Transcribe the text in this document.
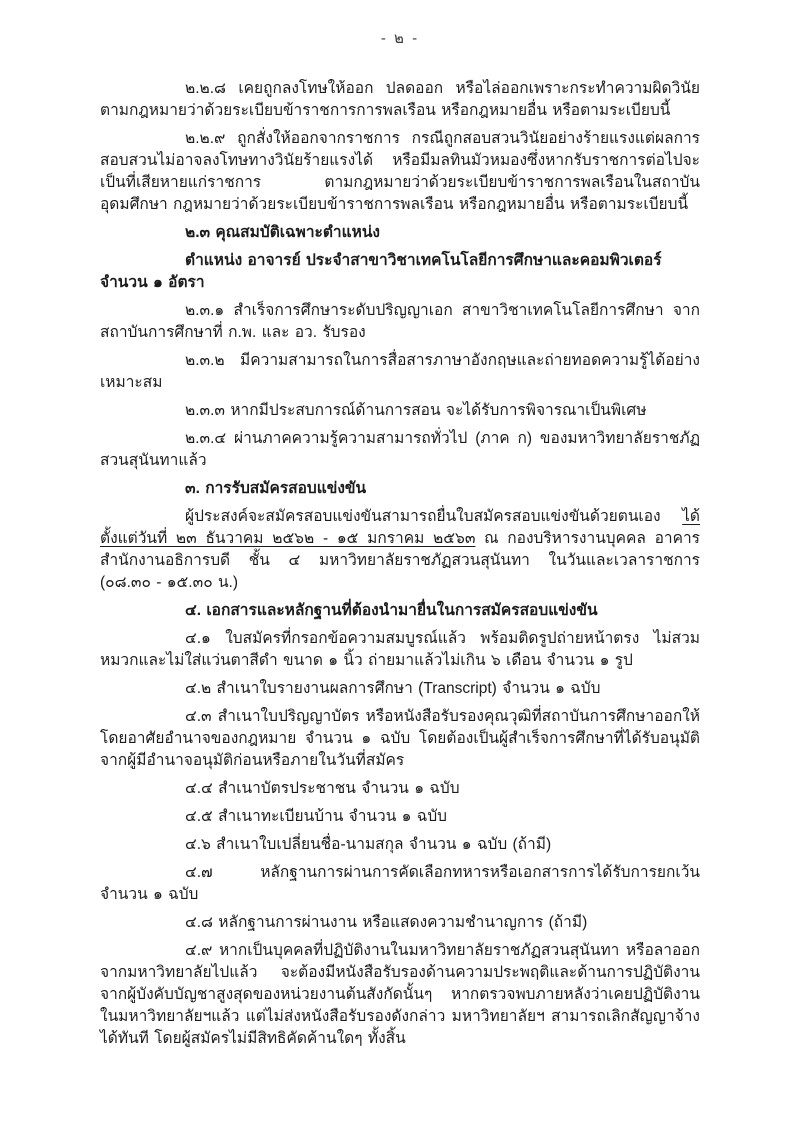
- ๒ -

๒.๒.๘ เคยถูกลงโทษให้ออก ปลดออก หรือไล่ออกเพราะกระทำความผิดวินัย ตามกฎหมายว่าด้วยระเบียบข้าราชการการพลเรือน หรือกฎหมายอื่น หรือตามระเบียบนี้

๒.๒.๙ ถูกสั่งให้ออกจากราชการ กรณีถูกสอบสวนวินัยอย่างร้ายแรงแต่ผลการสอบสวนไม่อาจลงโทษทางวินัยร้ายแรงได้ หรือมีมลทินมัวหมองซึ่งหากรับราชการต่อไปจะเป็นที่เสียหายแก่ราชการ ตามกฎหมายว่าด้วยระเบียบข้าราชการพลเรือนในสถาบันอุดมศึกษา กฎหมายว่าด้วยระเบียบข้าราชการพลเรือน หรือกฎหมายอื่น หรือตามระเบียบนี้

๒.๓ คุณสมบัติเฉพาะตำแหน่ง

ตำแหน่ง อาจารย์ ประจำสาขาวิชาเทคโนโลยีการศึกษาและคอมพิวเตอร์ จำนวน ๑ อัตรา

๒.๓.๑ สำเร็จการศึกษาระดับปริญญาเอก สาขาวิชาเทคโนโลยีการศึกษา จากสถาบันการศึกษาที่ ก.พ. และ อว. รับรอง

๒.๓.๒ มีความสามารถในการสื่อสารภาษาอังกฤษและถ่ายทอดความรู้ได้อย่างเหมาะสม

๒.๓.๓ หากมีประสบการณ์ด้านการสอน จะได้รับการพิจารณาเป็นพิเศษ

๒.๓.๔ ผ่านภาคความรู้ความสามารถทั่วไป (ภาค ก) ของมหาวิทยาลัยราชภัฏสวนสุนันทาแล้ว

๓. การรับสมัครสอบแข่งขัน

ผู้ประสงค์จะสมัครสอบแข่งขันสามารถยื่นใบสมัครสอบแข่งขันด้วยตนเอง ได้ตั้งแต่วันที่ ๒๓ ธันวาคม ๒๕๖๒ - ๑๕ มกราคม ๒๕๖๓ ณ กองบริหารงานบุคคล อาคารสำนักงานอธิการบดี ชั้น ๔ มหาวิทยาลัยราชภัฏสวนสุนันทา ในวันและเวลาราชการ (๐๘.๓๐ - ๑๕.๓๐ น.)

๔. เอกสารและหลักฐานที่ต้องนำมายื่นในการสมัครสอบแข่งขัน

๔.๑ ใบสมัครที่กรอกข้อความสมบูรณ์แล้ว พร้อมติดรูปถ่ายหน้าตรง ไม่สวมหมวกและไม่ใส่แว่นตาสีดำ ขนาด ๑ นิ้ว ถ่ายมาแล้วไม่เกิน ๖ เดือน จำนวน ๑ รูป

๔.๒ สำเนาใบรายงานผลการศึกษา (Transcript) จำนวน ๑ ฉบับ

๔.๓ สำเนาใบปริญญาบัตร หรือหนังสือรับรองคุณวุฒิที่สถาบันการศึกษาออกให้ โดยอาศัยอำนาจของกฎหมาย จำนวน ๑ ฉบับ โดยต้องเป็นผู้สำเร็จการศึกษาที่ได้รับอนุมัติจากผู้มีอำนาจอนุมัติก่อนหรือภายในวันที่สมัคร

๔.๔ สำเนาบัตรประชาชน จำนวน ๑ ฉบับ

๔.๕ สำเนาทะเบียนบ้าน จำนวน ๑ ฉบับ

๔.๖ สำเนาใบเปลี่ยนชื่อ-นามสกุล จำนวน ๑ ฉบับ (ถ้ามี)

๔.๗ หลักฐานการผ่านการคัดเลือกทหารหรือเอกสารการได้รับการยกเว้น จำนวน ๑ ฉบับ

๔.๘ หลักฐานการผ่านงาน หรือแสดงความชำนาญการ (ถ้ามี)

๔.๙ หากเป็นบุคคลที่ปฏิบัติงานในมหาวิทยาลัยราชภัฏสวนสุนันทา หรือลาออกจากมหาวิทยาลัยไปแล้ว จะต้องมีหนังสือรับรองด้านความประพฤติและด้านการปฏิบัติงานจากผู้บังคับบัญชาสูงสุดของหน่วยงานต้นสังกัดนั้นๆ หากตรวจพบภายหลังว่าเคยปฏิบัติงานในมหาวิทยาลัยฯแล้ว แต่ไม่ส่งหนังสือรับรองดังกล่าว มหาวิทยาลัยฯ สามารถเลิกสัญญาจ้างได้ทันที โดยผู้สมัครไม่มีสิทธิคัดค้านใดๆ ทั้งสิ้น
